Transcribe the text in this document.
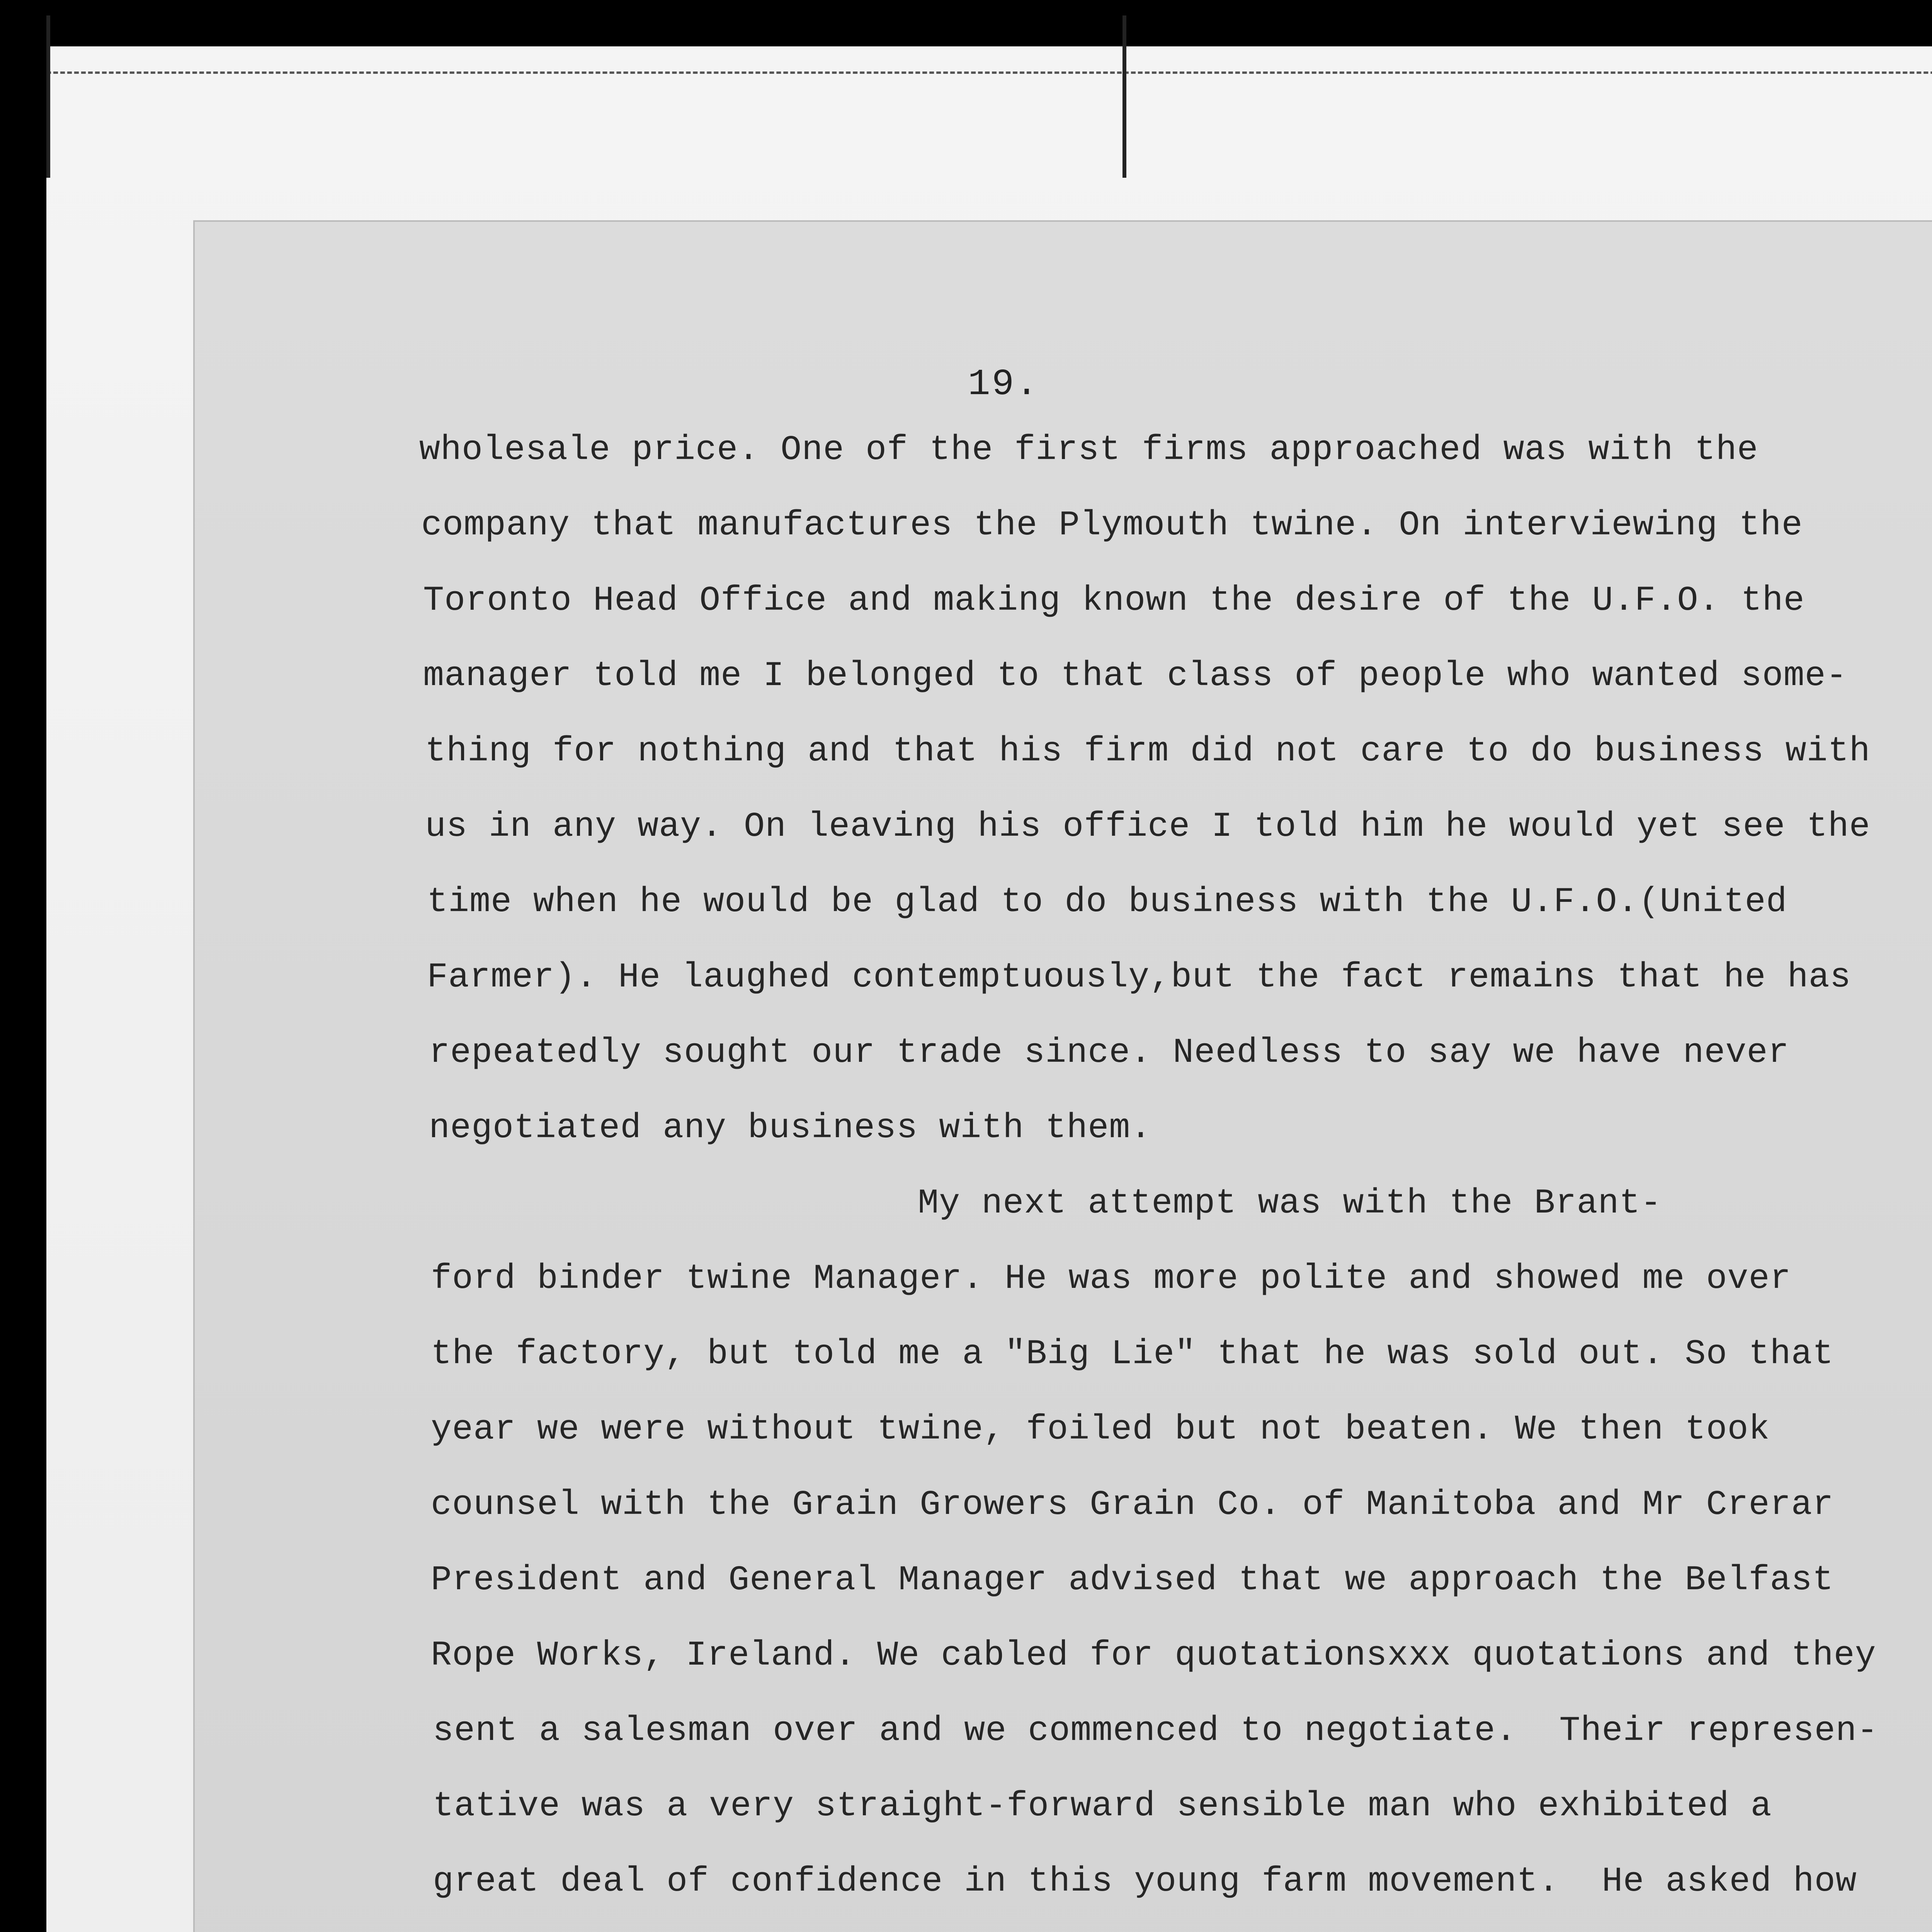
19.
wholesale price. One of the first firms approached was with the
company that manufactures the Plymouth twine. On interviewing the
Toronto Head Office and making known the desire of the U.F.O. the
manager told me I belonged to that class of people who wanted some-
thing for nothing and that his firm did not care to do business with
us in any way. On leaving his office I told him he would yet see the
time when he would be glad to do business with the U.F.O.(United
Farmer). He laughed contemptuously,but the fact remains that he has
repeatedly sought our trade since. Needless to say we have never
negotiated any business with them.
My next attempt was with the Brant-
ford binder twine Manager. He was more polite and showed me over
the factory, but told me a "Big Lie" that he was sold out. So that
year we were without twine, foiled but not beaten. We then took
counsel with the Grain Growers Grain Co. of Manitoba and Mr Crerar
President and General Manager advised that we approach the Belfast
Rope Works, Ireland. We cabled for quotationsxxx quotations and they
sent a salesman over and we commenced to negotiate.  Their represen-
tative was a very straight-forward sensible man who exhibited a
great deal of confidence in this young farm movement.  He asked how
